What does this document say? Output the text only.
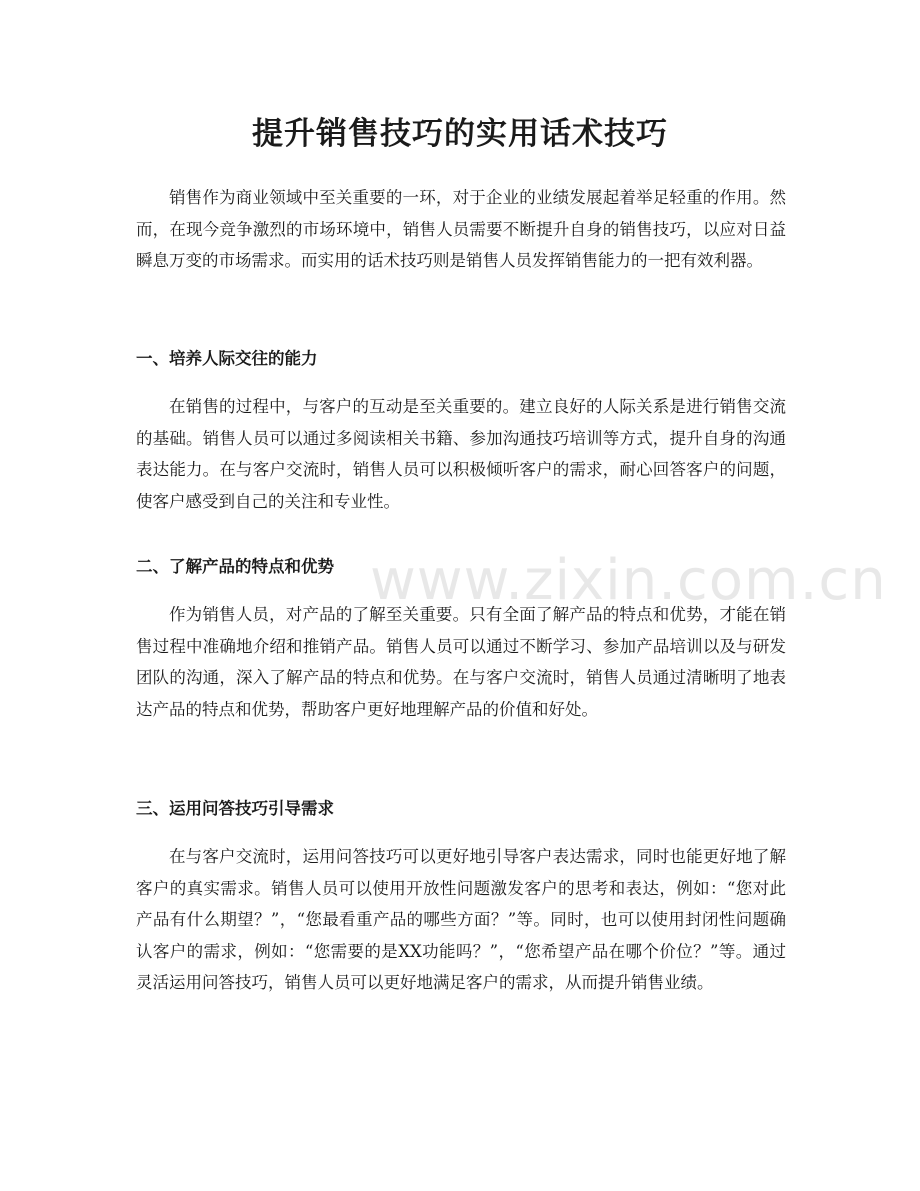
提升销售技巧的实用话术技巧

销售作为商业领域中至关重要的一环，对于企业的业绩发展起着举足轻重的作用。然而，在现今竞争激烈的市场环境中，销售人员需要不断提升自身的销售技巧，以应对日益瞬息万变的市场需求。而实用的话术技巧则是销售人员发挥销售能力的一把有效利器。

一、培养人际交往的能力

在销售的过程中，与客户的互动是至关重要的。建立良好的人际关系是进行销售交流的基础。销售人员可以通过多阅读相关书籍、参加沟通技巧培训等方式，提升自身的沟通表达能力。在与客户交流时，销售人员可以积极倾听客户的需求，耐心回答客户的问题，使客户感受到自己的关注和专业性。

二、了解产品的特点和优势

作为销售人员，对产品的了解至关重要。只有全面了解产品的特点和优势，才能在销售过程中准确地介绍和推销产品。销售人员可以通过不断学习、参加产品培训以及与研发团队的沟通，深入了解产品的特点和优势。在与客户交流时，销售人员通过清晰明了地表达产品的特点和优势，帮助客户更好地理解产品的价值和好处。

三、运用问答技巧引导需求

在与客户交流时，运用问答技巧可以更好地引导客户表达需求，同时也能更好地了解客户的真实需求。销售人员可以使用开放性问题激发客户的思考和表达，例如：“您对此产品有什么期望？”，“您最看重产品的哪些方面？”等。同时，也可以使用封闭性问题确认客户的需求，例如：“您需要的是XX功能吗？”，“您希望产品在哪个价位？”等。通过灵活运用问答技巧，销售人员可以更好地满足客户的需求，从而提升销售业绩。

www.zixin.com.cn
